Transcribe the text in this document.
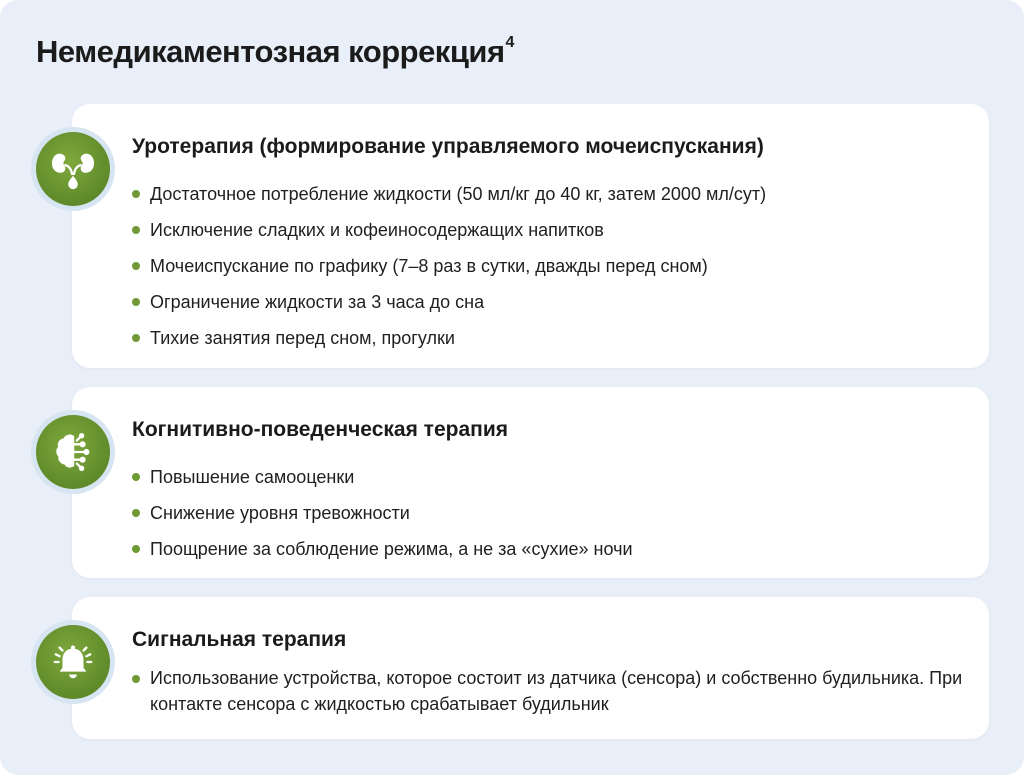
Немедикаментозная коррекция$^4$
Уротерапия (формирование управляемого мочеиспускания)
Достаточное потребление жидкости (50 мл/кг до 40 кг, затем 2000 мл/сут)
Исключение сладких и кофеиносодержащих напитков
Мочеиспускание по графику (7–8 раз в сутки, дважды перед сном)
Ограничение жидкости за 3 часа до сна
Тихие занятия перед сном, прогулки
Когнитивно-поведенческая терапия
Повышение самооценки
Снижение уровня тревожности
Поощрение за соблюдение режима, а не за «сухие» ночи
Сигнальная терапия
Использование устройства, которое состоит из датчика (сенсора) и собственно будильника. При контакте сенсора с жидкостью срабатывает будильник
